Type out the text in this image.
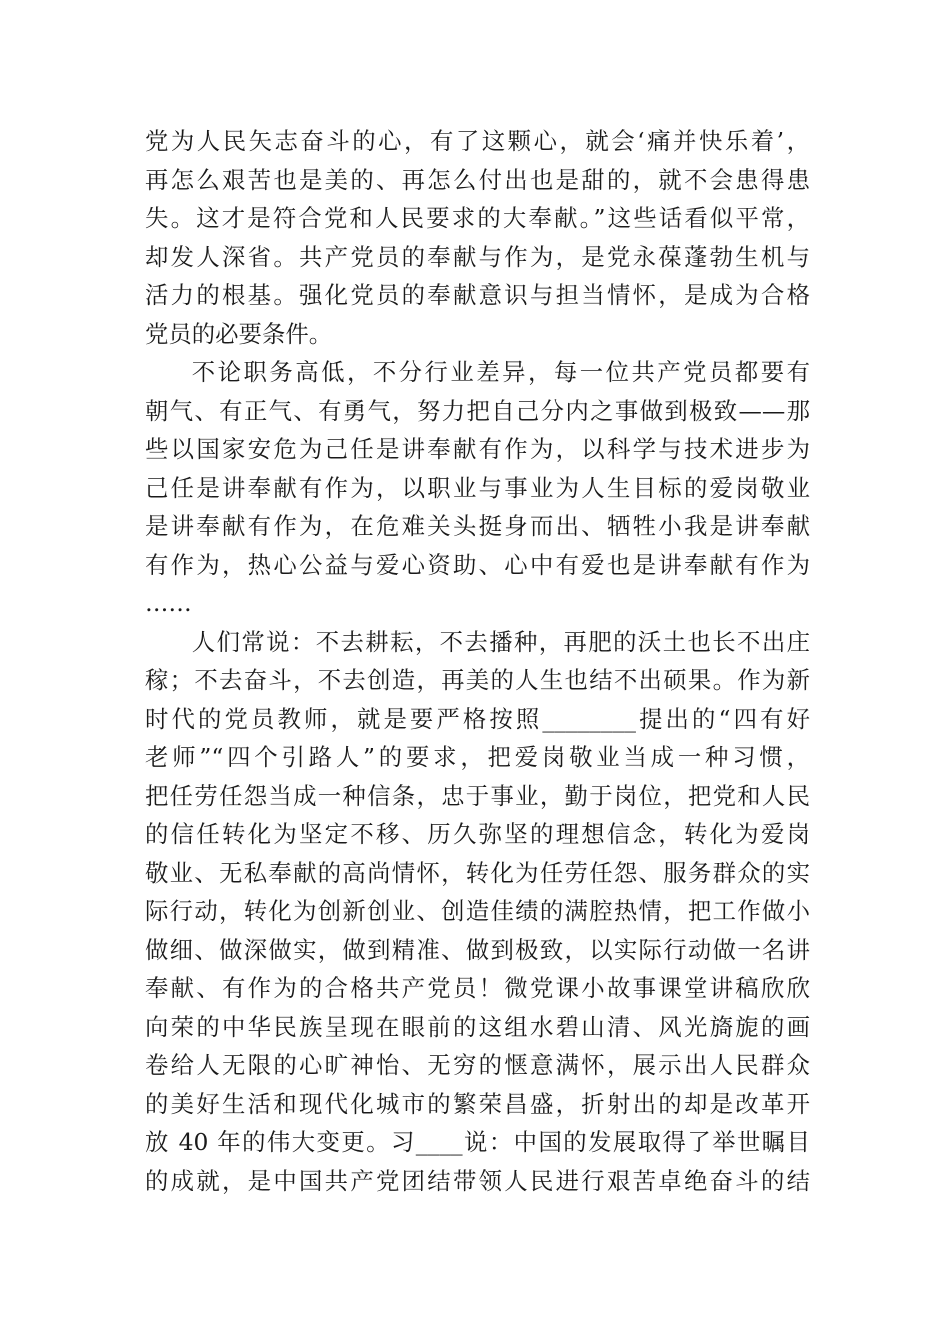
党为人民矢志奋斗的心，有了这颗心，就会‘痛并快乐着’，
再怎么艰苦也是美的、再怎么付出也是甜的，就不会患得患
失。这才是符合党和人民要求的大奉献。”这些话看似平常，
却发人深省。共产党员的奉献与作为，是党永葆蓬勃生机与
活力的根基。强化党员的奉献意识与担当情怀，是成为合格
党员的必要条件。

不论职务高低，不分行业差异，每一位共产党员都要有
朝气、有正气、有勇气，努力把自己分内之事做到极致——那
些以国家安危为己任是讲奉献有作为，以科学与技术进步为
己任是讲奉献有作为，以职业与事业为人生目标的爱岗敬业
是讲奉献有作为，在危难关头挺身而出、牺牲小我是讲奉献
有作为，热心公益与爱心资助、心中有爱也是讲奉献有作为
……

人们常说：不去耕耘，不去播种，再肥的沃土也长不出庄
稼；不去奋斗，不去创造，再美的人生也结不出硕果。作为新
时代的党员教师，就是要严格按照________提出的“四有好
老师”“四个引路人”的要求，把爱岗敬业当成一种习惯，
把任劳任怨当成一种信条，忠于事业，勤于岗位，把党和人民
的信任转化为坚定不移、历久弥坚的理想信念，转化为爱岗
敬业、无私奉献的高尚情怀，转化为任劳任怨、服务群众的实
际行动，转化为创新创业、创造佳绩的满腔热情，把工作做小
做细、做深做实，做到精准、做到极致，以实际行动做一名讲
奉献、有作为的合格共产党员！微党课小故事课堂讲稿欣欣
向荣的中华民族呈现在眼前的这组水碧山清、风光旖旎的画
卷给人无限的心旷神怡、无穷的惬意满怀，展示出人民群众
的美好生活和现代化城市的繁荣昌盛，折射出的却是改革开
放 40 年的伟大变更。习____说：中国的发展取得了举世瞩目
的成就，是中国共产党团结带领人民进行艰苦卓绝奋斗的结
